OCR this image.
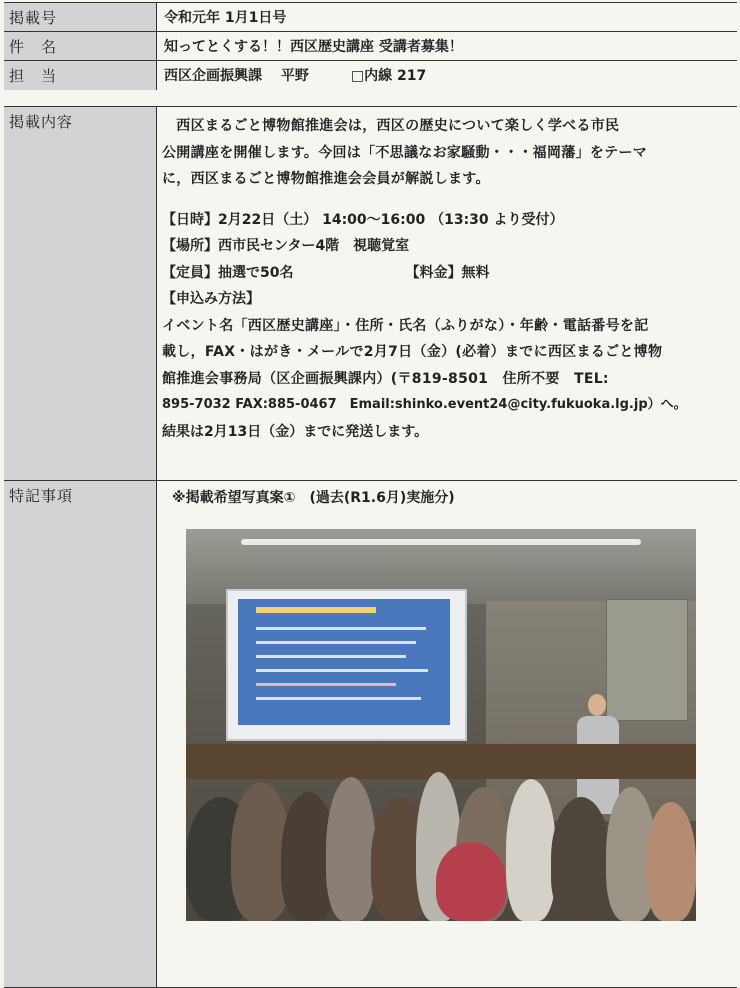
掲載号	令和元年 1月1日号
件　名	知ってとくする！！西区歴史講座 受講者募集！
担　当	西区企画振興課　 平野　　　□内線 217
掲載内容	　西区まるごと博物館推進会は，西区の歴史について楽しく学べる市民

公開講座を開催します。今回は「不思議なお家騒動・・・福岡藩」をテーマ

に，西区まるごと博物館推進会会員が解説します。

【日時】2月22日（土） 14:00～16:00 （13:30 より受付）

【場所】西市民センター4階　視聴覚室

【定員】抽選で50名	【料金】無料

【申込み方法】

イベント名「西区歴史講座」・住所・氏名（ふりがな）・年齢・電話番号を記

載し，FAX・はがき・メールで2月7日（金）(必着）までに西区まるごと博物

館推進会事務局（区企画振興課内）(〒819-8501　住所不要　TEL:

895-7032 FAX:885-0467　Email:shinko.event24@city.fukuoka.lg.jp）へ。

結果は2月13日（金）までに発送します。

特記事項	※掲載希望写真案①　(過去(R1.6月)実施分)
